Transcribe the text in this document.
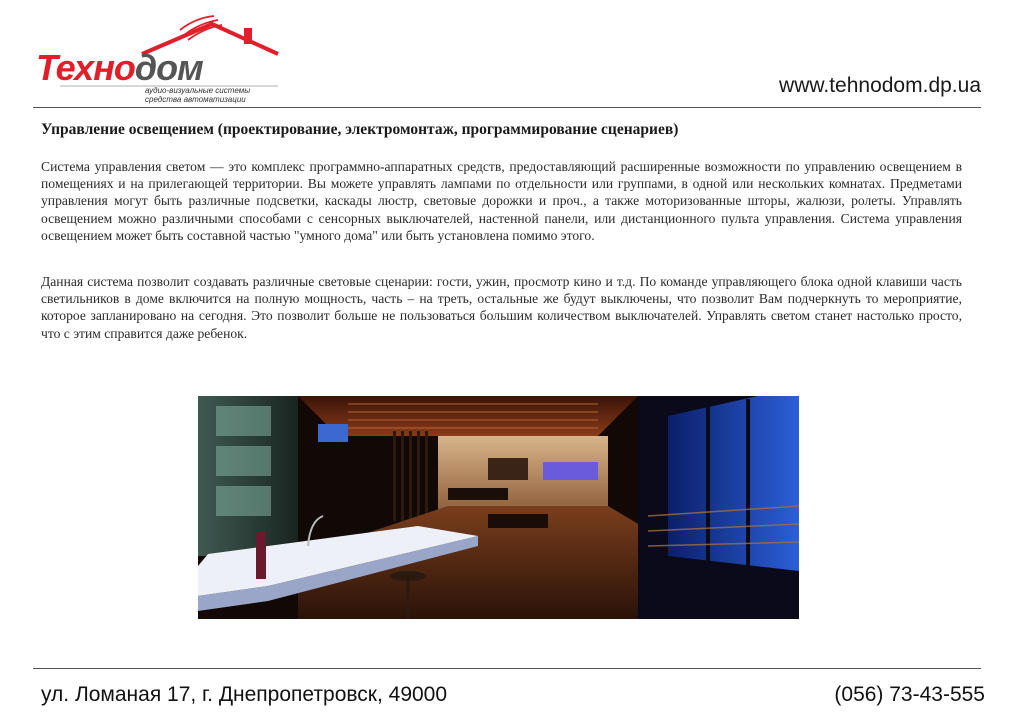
Технодом
аудио-визуальные системы
средства автоматизации
www.tehnodom.dp.ua
Управление освещением (проектирование, электромонтаж, программирование сценариев)

Система управления светом — это комплекс программно-аппаратных средств, предоставляющий расширенные возможности по управлению освещением в помещениях и на прилегающей территории. Вы можете управлять лампами по отдельности или группами, в одной или нескольких комнатах. Предметами управления могут быть различные подсветки, каскады люстр, световые дорожки и проч., а также моторизованные шторы, жалюзи, ролеты. Управлять освещением можно различными способами с сенсорных выключателей, настенной панели, или дистанционного пульта управления. Система управления освещением может быть составной частью "умного дома" или быть установлена помимо этого.

Данная система позволит создавать различные световые сценарии: гости, ужин, просмотр кино и т.д. По команде управляющего блока одной клавиши часть светильников в доме включится на полную мощность, часть – на треть, остальные же будут выключены, что позволит Вам подчеркнуть то мероприятие, которое запланировано на сегодня. Это позволит больше не пользоваться большим количеством выключателей. Управлять светом станет настолько просто, что с этим справится даже ребенок.

ул. Ломаная 17, г. Днепропетровск, 49000	(056) 73-43-555
